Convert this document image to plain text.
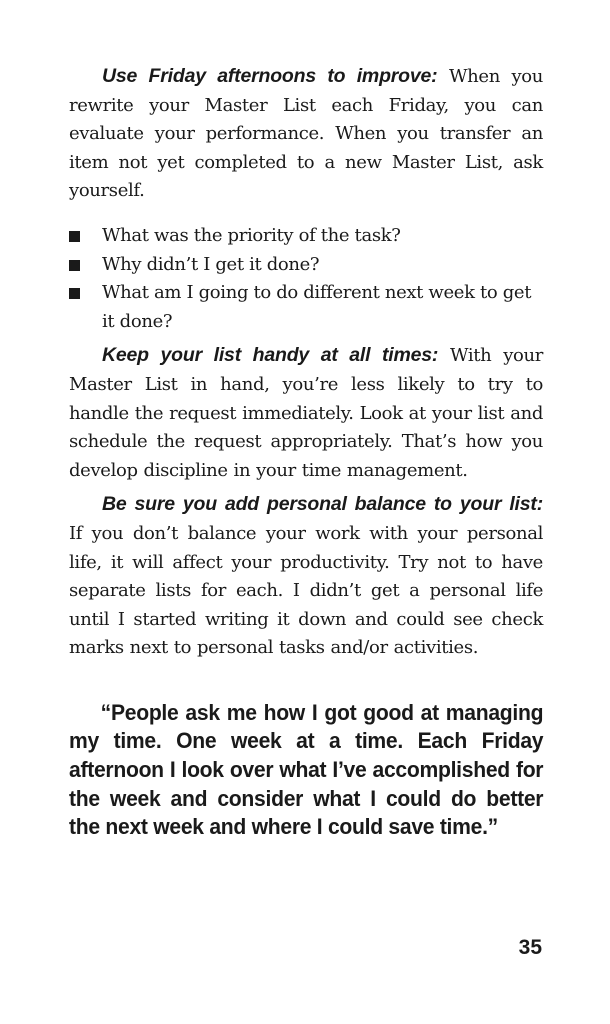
Use Friday afternoons to improve: When you rewrite your Master List each Friday, you can evaluate your performance. When you transfer an item not yet completed to a new Master List, ask yourself.

What was the priority of the task?
Why didn’t I get it done?
What am I going to do different next week to get it done?

Keep your list handy at all times: With your Master List in hand, you’re less likely to try to handle the request immediately. Look at your list and schedule the request appropriately. That’s how you develop discipline in your time management.

Be sure you add personal balance to your list: If you don’t balance your work with your personal life, it will affect your productivity. Try not to have separate lists for each. I didn’t get a personal life until I started writing it down and could see check marks next to personal tasks and/or activities.

“People ask me how I got good at managing my time. One week at a time. Each Friday afternoon I look over what I’ve accomplished for the week and consider what I could do better the next week and where I could save time.”

35
